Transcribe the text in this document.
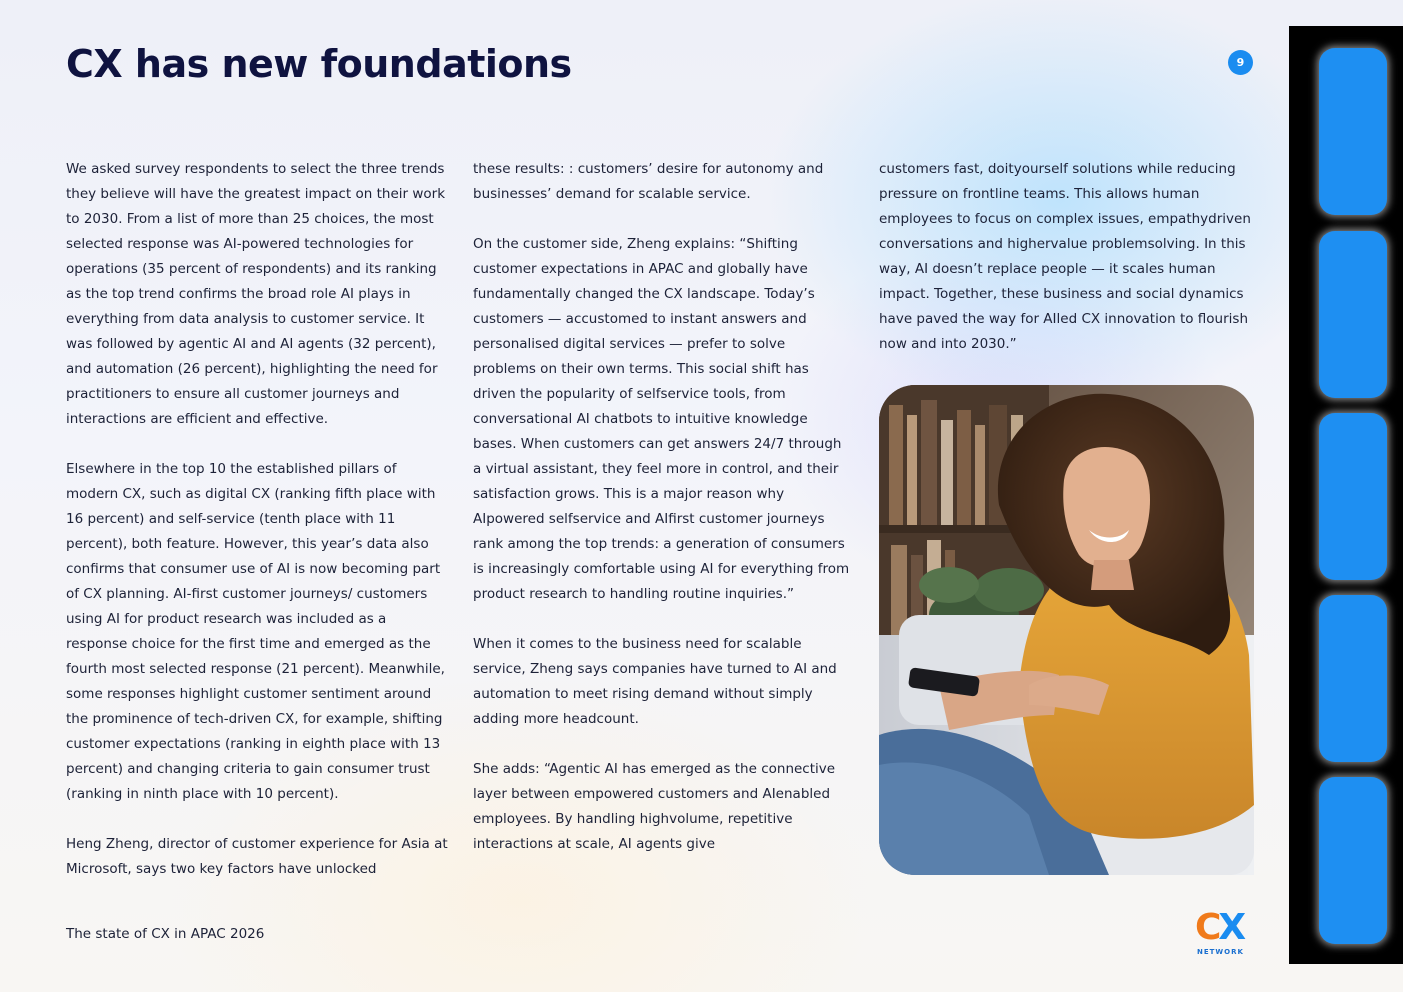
CX has new foundations	9

We asked survey respondents to select the three trends they believe will have the greatest impact on their work to 2030. From a list of more than 25 choices, the most selected response was AI-powered technologies for operations (35 percent of respondents) and its ranking as the top trend confirms the broad role AI plays in everything from data analysis to customer service. It was followed by agentic AI and AI agents (32 percent), and automation (26 percent), highlighting the need for practitioners to ensure all customer journeys and interactions are efficient and effective.

Elsewhere in the top 10 the established pillars of modern CX, such as digital CX (ranking fifth place with 16 percent) and self-service (tenth place with 11 percent), both feature. However, this year’s data also confirms that consumer use of AI is now becoming part of CX planning. AI-first customer journeys/ customers using AI for product research was included as a response choice for the first time and emerged as the fourth most selected response (21 percent). Meanwhile, some responses highlight customer sentiment around the prominence of tech-driven CX, for example, shifting customer expectations (ranking in eighth place with 13 percent) and changing criteria to gain consumer trust (ranking in ninth place with 10 percent).

Heng Zheng, director of customer experience for Asia at Microsoft, says two key factors have unlocked

these results: : customers’ desire for autonomy and businesses’ demand for scalable service.

On the customer side, Zheng explains: “Shifting customer expectations in APAC and globally have fundamentally changed the CX landscape. Today’s customers — accustomed to instant answers and personalised digital services — prefer to solve problems on their own terms. This social shift has driven the popularity of selfservice tools, from conversational AI chatbots to intuitive knowledge bases. When customers can get answers 24/7 through a virtual assistant, they feel more in control, and their satisfaction grows. This is a major reason why AIpowered selfservice and AIfirst customer journeys rank among the top trends: a generation of consumers is increasingly comfortable using AI for everything from product research to handling routine inquiries.”

When it comes to the business need for scalable service, Zheng says companies have turned to AI and automation to meet rising demand without simply adding more headcount.

She adds: “Agentic AI has emerged as the connective layer between empowered customers and AIenabled employees. By handling highvolume, repetitive interactions at scale, AI agents give

customers fast, doityourself solutions while reducing pressure on frontline teams. This allows human employees to focus on complex issues, empathydriven conversations and highervalue problemsolving. In this way, AI doesn’t replace people — it scales human impact. Together, these business and social dynamics have paved the way for AIled CX innovation to flourish now and into 2030.”

The state of CX in APAC 2026	CX
NETWORK
